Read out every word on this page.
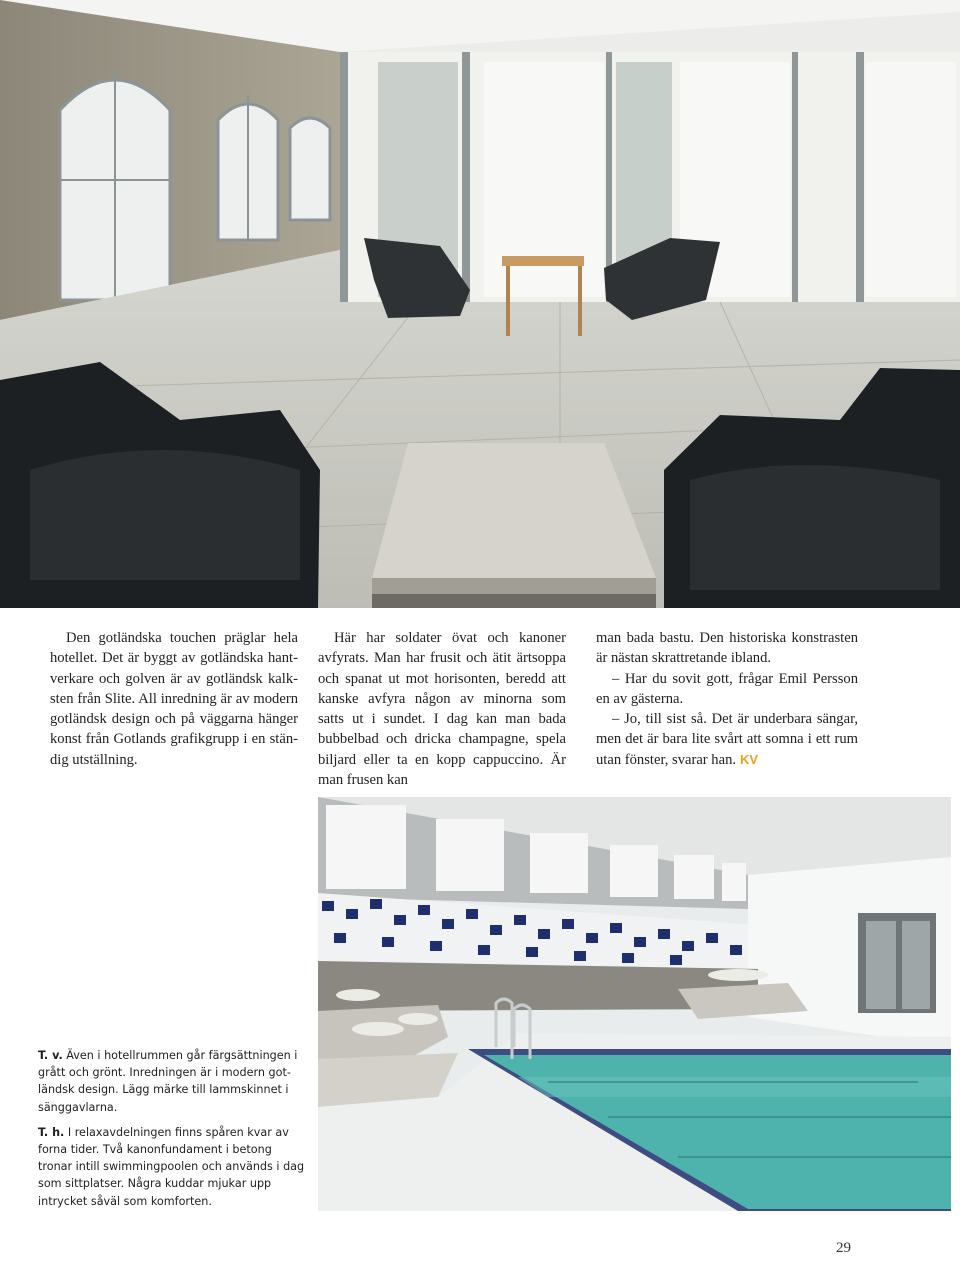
Den gotländska touchen präglar hela hotellet. Det är byggt av gotländska hantverkare och golven är av gotländsk kalksten från Slite. All inredning är av modern gotländsk design och på väggarna hänger konst från Gotlands grafikgrupp i en ständig utställning.

Här har soldater övat och kanoner avfyrats. Man har frusit och ätit ärtsoppa och spanat ut mot horisonten, beredd att kanske avfyra någon av minorna som satts ut i sundet. I dag kan man bada bubbelbad och dricka champagne, spela biljard eller ta en kopp cappuccino. Är man frusen kan

man bada bastu. Den historiska konstrasten är nästan skrattretande ibland.

– Har du sovit gott, frågar Emil Persson en av gästerna.

– Jo, till sist så. Det är underbara sängar, men det är bara lite svårt att somna i ett rum utan fönster, svarar han. KV

T. v. Även i hotellrummen går färgsättningen i grått och grönt. Inredningen är i modern gotländsk design. Lägg märke till lammskinnet i sänggavlarna.

T. h. I relaxavdelningen finns spåren kvar av forna tider. Två kanonfundament i betong tronar intill swimmingpoolen och används i dag som sittplatser. Några kuddar mjukar upp intrycket såväl som komforten.

29
